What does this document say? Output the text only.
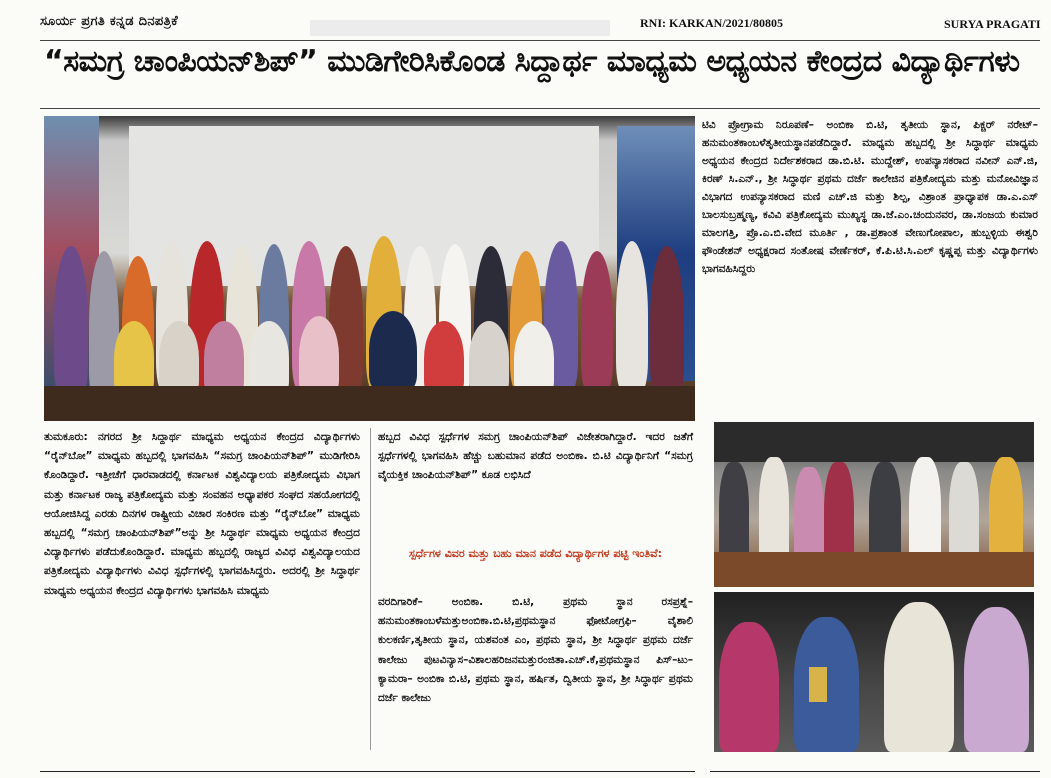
ಸೂರ್ಯ ಪ್ರಗತಿ ಕನ್ನಡ ದಿನಪತ್ರಿಕೆ	RNI: KARKAN/2021/80805	SURYA PRAGATI
“ಸಮಗ್ರ ಚಾಂಪಿಯನ್‌ಶಿಪ್” ಮುಡಿಗೇರಿಸಿಕೊಂಡ ಸಿದ್ದಾರ್ಥ ಮಾಧ್ಯಮ ಅಧ್ಯಯನ ಕೇಂದ್ರದ ವಿದ್ಯಾರ್ಥಿಗಳು
ತುಮಕೂರು: ನಗರದ ಶ್ರೀ ಸಿದ್ದಾರ್ಥ ಮಾಧ್ಯಮ ಅಧ್ಯಯನ ಕೇಂದ್ರದ ವಿದ್ಯಾರ್ಥಿಗಳು “ರೈನ್‌ಬೋ” ಮಾಧ್ಯಮ ಹಬ್ಬದಲ್ಲಿ ಭಾಗವಹಿಸಿ “ಸಮಗ್ರ ಚಾಂಪಿಯನ್‌ಶಿಪ್” ಮುಡಿಗೇರಿಸಿ ಕೊಂಡಿದ್ದಾರೆ. ಇತ್ತೀಚೆಗೆ ಧಾರವಾಡದಲ್ಲಿ ಕರ್ನಾಟಕ ವಿಶ್ವವಿದ್ಯಾಲಯ ಪತ್ರಿಕೋದ್ಯಮ ವಿಭಾಗ ಮತ್ತು ಕರ್ನಾಟಕ ರಾಜ್ಯ ಪತ್ರಿಕೋದ್ಯಮ ಮತ್ತು ಸಂವಹನ ಅಧ್ಯಾಪಕರ ಸಂಘದ ಸಹಯೋಗದಲ್ಲಿ ಆಯೋಜಿಸಿದ್ದ ಎರಡು ದಿನಗಳ ರಾಷ್ಟ್ರೀಯ ವಿಚಾರ ಸಂಕಿರಣ ಮತ್ತು “ರೈನ್‌ಬೋ” ಮಾಧ್ಯಮ ಹಬ್ಬದಲ್ಲಿ “ಸಮಗ್ರ ಚಾಂಪಿಯನ್‌ಶಿಪ್”ಅನ್ನು ಶ್ರೀ ಸಿದ್ಧಾರ್ಥ ಮಾಧ್ಯಮ ಅಧ್ಯಯನ ಕೇಂದ್ರದ ವಿದ್ಯಾರ್ಥಿಗಳು ಪಡೆದುಕೊಂಡಿದ್ದಾರೆ. ಮಾಧ್ಯಮ ಹಬ್ಬದಲ್ಲಿ ರಾಜ್ಯದ ವಿವಿಧ ವಿಶ್ವವಿದ್ಯಾಲಯದ ಪತ್ರಿಕೋದ್ಯಮ ವಿದ್ಯಾರ್ಥಿಗಳು ವಿವಿಧ ಸ್ಪರ್ಧೆಗಳಲ್ಲಿ ಭಾಗವಹಿಸಿದ್ದರು. ಅದರಲ್ಲಿ ಶ್ರೀ ಸಿದ್ಧಾರ್ಥ ಮಾಧ್ಯಮ ಅಧ್ಯಯನ ಕೇಂದ್ರದ ವಿದ್ಯಾರ್ಥಿಗಳು ಭಾಗವಹಿಸಿ ಮಾಧ್ಯಮ
ಹಬ್ಬದ ವಿವಿಧ ಸ್ಪರ್ಧೆಗಳ ಸಮಗ್ರ ಚಾಂಪಿಯನ್‌ಶಿಪ್ ವಿಜೇತರಾಗಿದ್ದಾರೆ. ಇದರ ಜತೆಗೆ ಸ್ಪರ್ಧೆಗಳಲ್ಲಿ ಭಾಗವಹಿಸಿ ಹೆಚ್ಚು ಬಹುಮಾನ ಪಡೆದ ಅಂಬಿಕಾ. ಬಿ.ಟಿ ವಿದ್ಯಾರ್ಥಿನಿಗೆ “ಸಮಗ್ರ ವೈಯಕ್ತಿಕ ಚಾಂಪಿಯನ್‌ಶಿಪ್” ಕೂಡ ಲಭಿಸಿದೆ
ಸ್ಪರ್ಧೆಗಳ ವಿವರ ಮತ್ತು ಬಹು ಮಾನ ಪಡೆದ ವಿದ್ಯಾರ್ಥಿಗಳ ಪಟ್ಟಿ ಇಂತಿವೆ:
ವರದಿಗಾರಿಕೆ– ಅಂಬಿಕಾ. ಬಿ.ಟಿ, ಪ್ರಥಮ ಸ್ಥಾನ ರಸಪ್ರಶ್ನೆ–ಹನುಮಂತಕಾಂಬಳೆಮತ್ತುಅಂಬಿಕಾ.ಬಿ.ಟಿ,ಪ್ರಥಮಸ್ಥಾನ ಫೋಟೋಗ್ರಫಿ– ವೈಶಾಲಿ ಕುಲಕರ್ಣಿ,ತೃತೀಯ ಸ್ಥಾನ, ಯಶವಂತ ಎಂ, ಪ್ರಥಮ ಸ್ಥಾನ, ಶ್ರೀ ಸಿದ್ಧಾರ್ಥ ಪ್ರಥಮ ದರ್ಜೆ ಕಾಲೇಜು ಪುಟವಿನ್ಯಾಸ–ವಿಶಾಲಹರಿಜನಮತ್ತುರಂಜಿತಾ.ಎಚ್.ಕೆ,ಪ್ರಥಮಸ್ಥಾನ ಪಿಸ್–ಟು–ಕ್ಯಾಮರಾ– ಅಂಬಿಕಾ ಬಿ.ಟಿ, ಪ್ರಥಮ ಸ್ಥಾನ, ಹರ್ಷಿತ, ದ್ವಿತೀಯ ಸ್ಥಾನ, ಶ್ರೀ ಸಿದ್ಧಾರ್ಥ ಪ್ರಥಮ ದರ್ಜೆ ಕಾಲೇಜು
ಟಿವಿ ಪ್ರೋಗ್ರಾಮ ನಿರೂಪಣೆ– ಅಂಬಿಕಾ ಬಿ.ಟಿ, ತೃತೀಯ ಸ್ಥಾನ, ಪಿಕ್ಚರ್ ನರೇಟ್–ಹನುಮಂತಕಾಂಬಳೆತೃತೀಯಸ್ಥಾನಪಡೆದಿದ್ದಾರೆ. ಮಾಧ್ಯಮ ಹಬ್ಬದಲ್ಲಿ ಶ್ರೀ ಸಿದ್ಧಾರ್ಥ ಮಾಧ್ಯಮ ಅಧ್ಯಯನ ಕೇಂದ್ರದ ನಿರ್ದೇಶಕರಾದ ಡಾ.ಬಿ.ಟಿ. ಮುದ್ದೇಶ್, ಉಪನ್ಯಾಸಕರಾದ ನವೀನ್ ಎನ್.ಜಿ, ಕಿರಣ್ ಸಿ.ಎನ್., ಶ್ರೀ ಸಿದ್ಧಾರ್ಥ ಪ್ರಥಮ ದರ್ಜೆ ಕಾಲೇಜಿನ ಪತ್ರಿಕೋದ್ಯಮ ಮತ್ತು ಮನೋವಿಜ್ಞಾನ ವಿಭಾಗದ ಉಪನ್ಯಾಸಕರಾದ ಮಣಿ ಎಚ್.ಜಿ ಮತ್ತು ಶಿಲ್ಪ, ವಿಶ್ರಾಂತ ಪ್ರಾಧ್ಯಾಪಕ ಡಾ.ಎ.ಎಸ್ ಬಾಲಸುಬ್ರಹ್ಮಣ್ಯ, ಕವಿವಿ ಪತ್ರಿಕೋದ್ಯಮ ಮುಖ್ಯಸ್ಥ ಡಾ.ಜೆ.ಎಂ.ಚಂದುನವರ, ಡಾ.ಸಂಜಯ ಕುಮಾರ ಮಾಲಗತ್ತಿ, ಪ್ರೊ.ಎ.ಬಿ.ವೇದ ಮೂರ್ತಿ , ಡಾ.ಪ್ರಶಾಂತ ವೇಣುಗೋಪಾಲ, ಹುಬ್ಬಳ್ಳಿಯ ಈಶ್ವರಿ ಫೌಂಡೇಶನ್ ಅಧ್ಯಕ್ಷರಾದ ಸಂತೋಷ ವೇರ್ಣೆಕರ್, ಕೆ.ಪಿ.ಟಿ.ಸಿ.ಎಲ್ ಕೃಷ್ಣಪ್ಪ ಮತ್ತು ವಿದ್ಯಾರ್ಥಿಗಳು ಭಾಗವಹಿಸಿದ್ದರು
